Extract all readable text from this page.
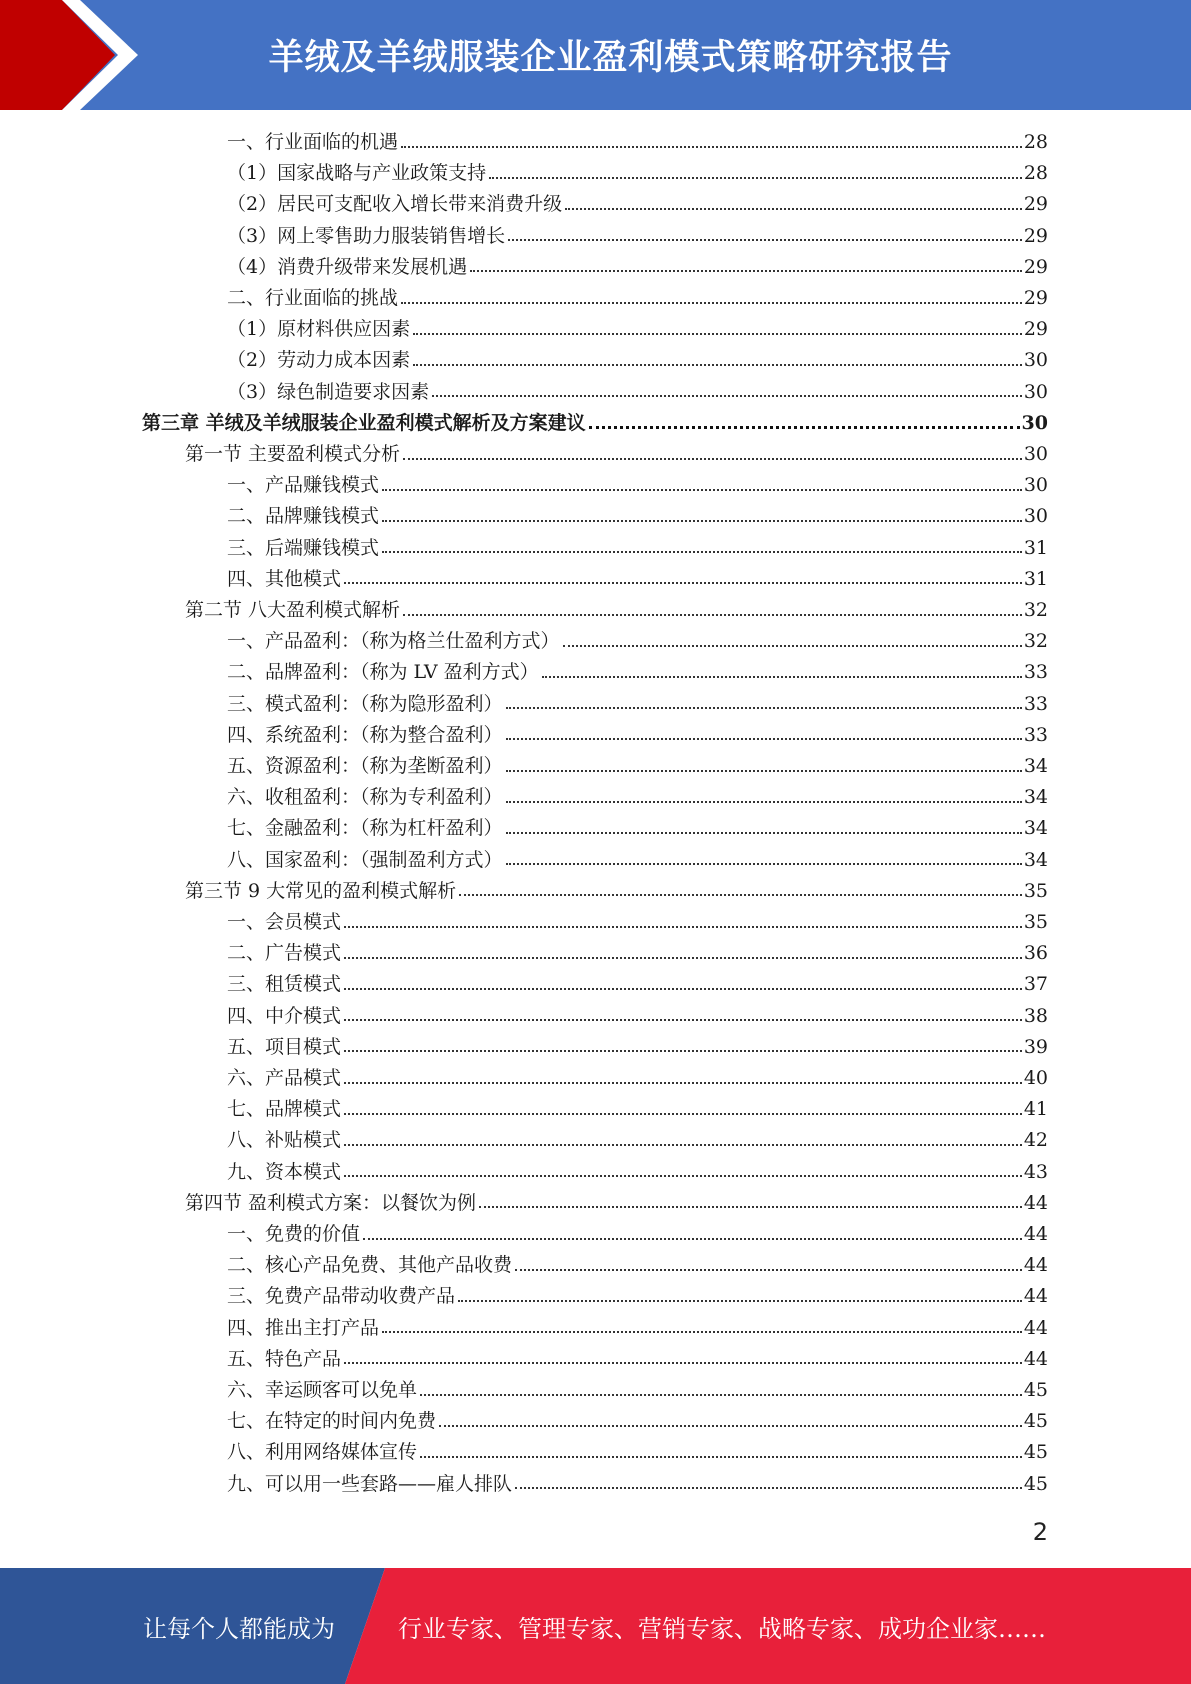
羊绒及羊绒服装企业盈利模式策略研究报告
一、行业面临的机遇	28
（1）国家战略与产业政策支持	28
（2）居民可支配收入增长带来消费升级	29
（3）网上零售助力服装销售增长	29
（4）消费升级带来发展机遇	29
二、行业面临的挑战	29
（1）原材料供应因素	29
（2）劳动力成本因素	30
（3）绿色制造要求因素	30
第三章 羊绒及羊绒服装企业盈利模式解析及方案建议	30
第一节 主要盈利模式分析	30
一、产品赚钱模式	30
二、品牌赚钱模式	30
三、后端赚钱模式	31
四、其他模式	31
第二节 八大盈利模式解析	32
一、产品盈利：（称为格兰仕盈利方式）	32
二、品牌盈利：（称为 LV 盈利方式）	33
三、模式盈利：（称为隐形盈利）	33
四、系统盈利：（称为整合盈利）	33
五、资源盈利：（称为垄断盈利）	34
六、收租盈利：（称为专利盈利）	34
七、金融盈利：（称为杠杆盈利）	34
八、国家盈利：（强制盈利方式）	34
第三节 9 大常见的盈利模式解析	35
一、会员模式	35
二、广告模式	36
三、租赁模式	37
四、中介模式	38
五、项目模式	39
六、产品模式	40
七、品牌模式	41
八、补贴模式	42
九、资本模式	43
第四节 盈利模式方案：以餐饮为例	44
一、免费的价值	44
二、核心产品免费、其他产品收费	44
三、免费产品带动收费产品	44
四、推出主打产品	44
五、特色产品	44
六、幸运顾客可以免单	45
七、在特定的时间内免费	45
八、利用网络媒体宣传	45
九、可以用一些套路——雇人排队	45
2
让每个人都能成为	行业专家、管理专家、营销专家、战略专家、成功企业家……
